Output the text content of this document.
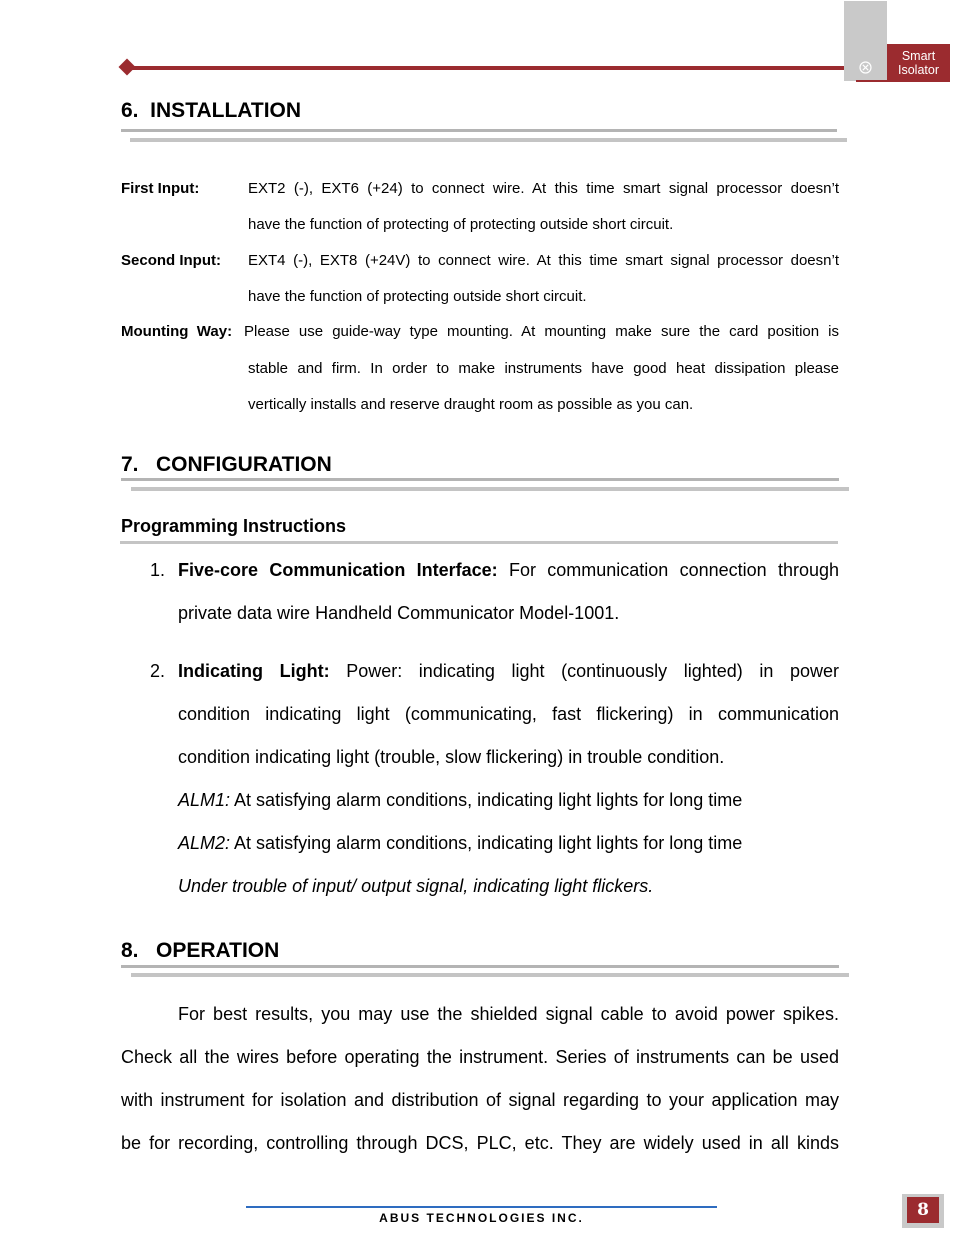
Smart
Isolator
6.  INSTALLATION
First Input:	EXT2 (-), EXT6 (+24) to connect wire. At this time smart signal processor doesn’t
have the function of protecting of protecting outside short circuit.
Second Input: EXT4 (-), EXT8 (+24V) to connect wire. At this time smart signal processor doesn’t
have the function of protecting outside short circuit.
Mounting  Way: Please use guide-way type mounting. At mounting make sure the card position is
stable and firm. In order to make instruments have good heat dissipation please
vertically installs and reserve draught room as possible as you can.
7.   CONFIGURATION
Programming Instructions
1. Five-core Communication Interface: For communication connection through
private data wire Handheld Communicator Model-1001.
2. Indicating Light: Power: indicating light (continuously lighted) in power
condition indicating light (communicating, fast flickering) in communication
condition indicating light (trouble, slow flickering) in trouble condition.
ALM1: At satisfying alarm conditions, indicating light lights for long time
ALM2: At satisfying alarm conditions, indicating light lights for long time
Under trouble of input/ output signal, indicating light flickers.
8.   OPERATION
For best results, you may use the shielded signal cable to avoid power spikes.
Check all the wires before operating the instrument. Series of instruments can be used
with instrument for isolation and distribution of signal regarding to your application may
be for recording, controlling through DCS, PLC, etc. They are widely used in all kinds
ABUS TECHNOLOGIES INC.	8
